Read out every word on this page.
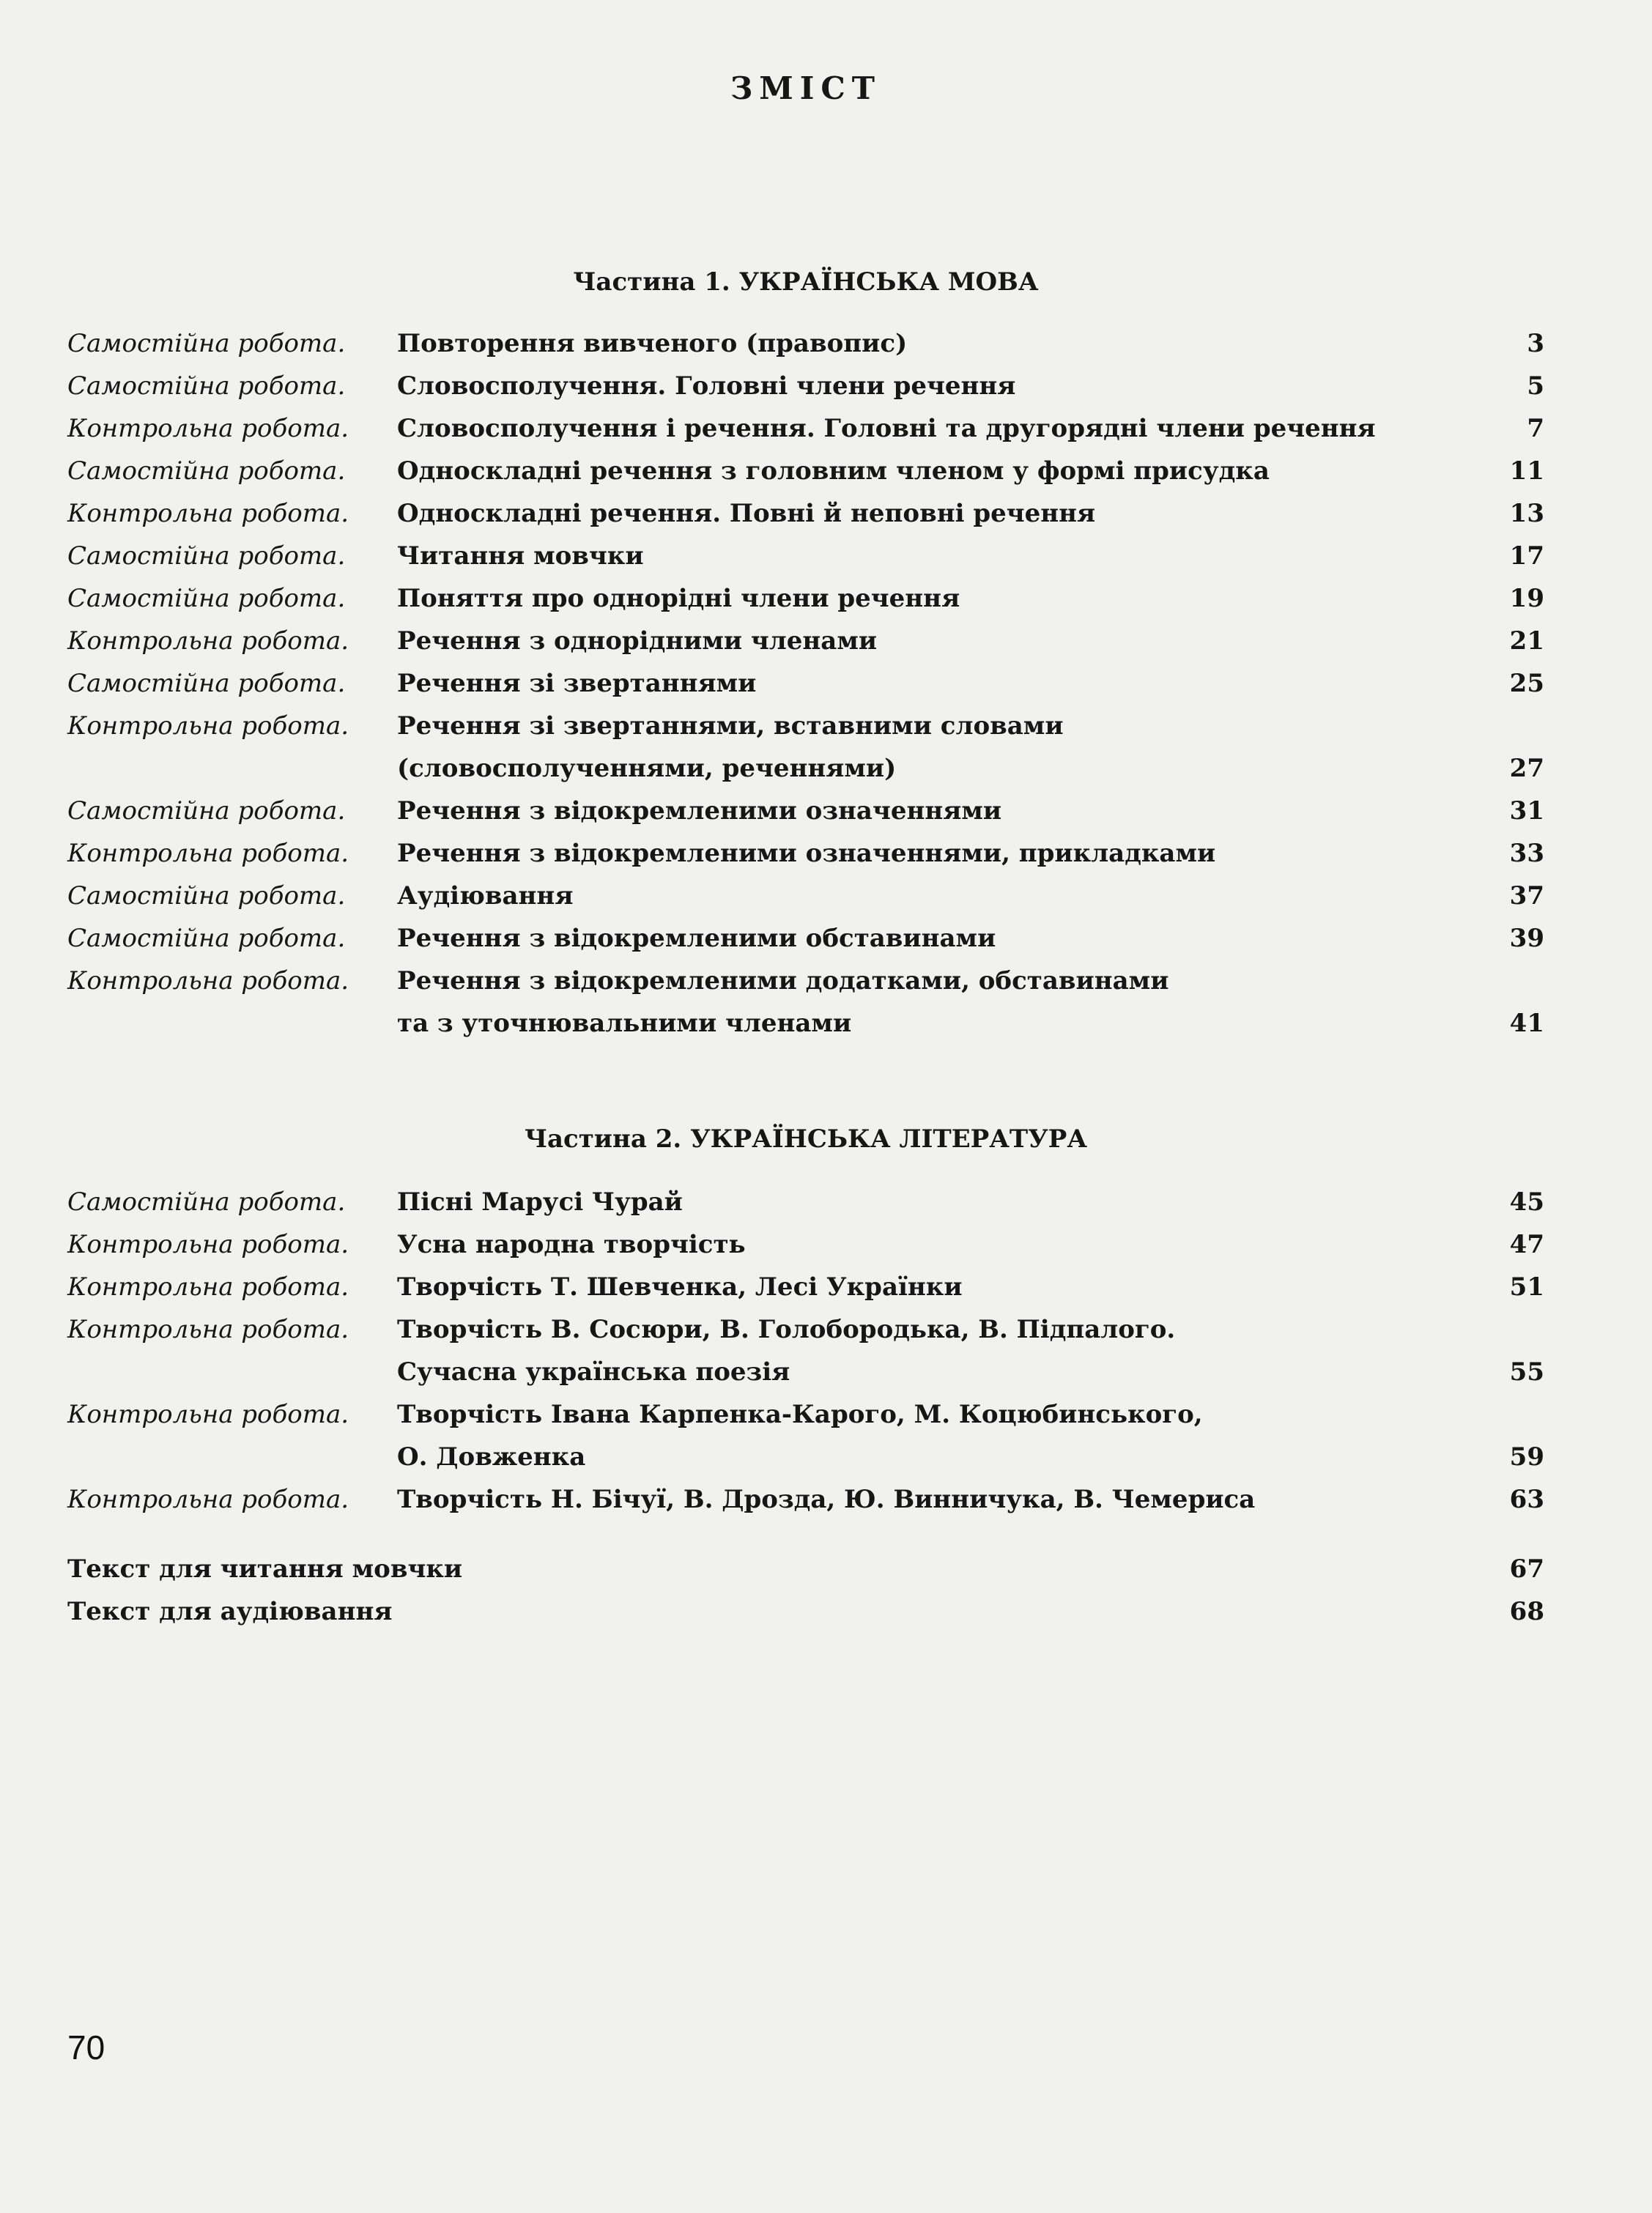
ЗМІСТ
Частина 1. УКРАЇНСЬКА МОВА
Самостійна робота. Повторення вивченого (правопис)	3
Самостійна робота. Словосполучення. Головні члени речення	5
Контрольна робота. Словосполучення і речення. Головні та другорядні члени речення	7
Самостійна робота. Односкладні речення з головним членом у формі присудка	11
Контрольна робота. Односкладні речення. Повні й неповні речення	13
Самостійна робота. Читання мовчки	17
Самостійна робота. Поняття про однорідні члени речення	19
Контрольна робота. Речення з однорідними членами	21
Самостійна робота. Речення зі звертаннями	25
Контрольна робота. Речення зі звертаннями, вставними словами
(словосполученнями, реченнями)	27
Самостійна робота. Речення з відокремленими означеннями	31
Контрольна робота. Речення з відокремленими означеннями, прикладками	33
Самостійна робота. Аудіювання	37
Самостійна робота. Речення з відокремленими обставинами	39
Контрольна робота. Речення з відокремленими додатками, обставинами
та з уточнювальними членами	41
Частина 2. УКРАЇНСЬКА ЛІТЕРАТУРА
Самостійна робота. Пісні Марусі Чурай	45
Контрольна робота. Усна народна творчість	47
Контрольна робота. Творчість Т. Шевченка, Лесі Українки	51
Контрольна робота. Творчість В. Сосюри, В. Голобородька, В. Підпалого.
Сучасна українська поезія	55
Контрольна робота. Творчість Івана Карпенка-Карого, М. Коцюбинського,
О. Довженка	59
Контрольна робота. Творчість Н. Бічуї, В. Дрозда, Ю. Винничука, В. Чемериса	63
Текст для читання мовчки	67
Текст для аудіювання	68
70
